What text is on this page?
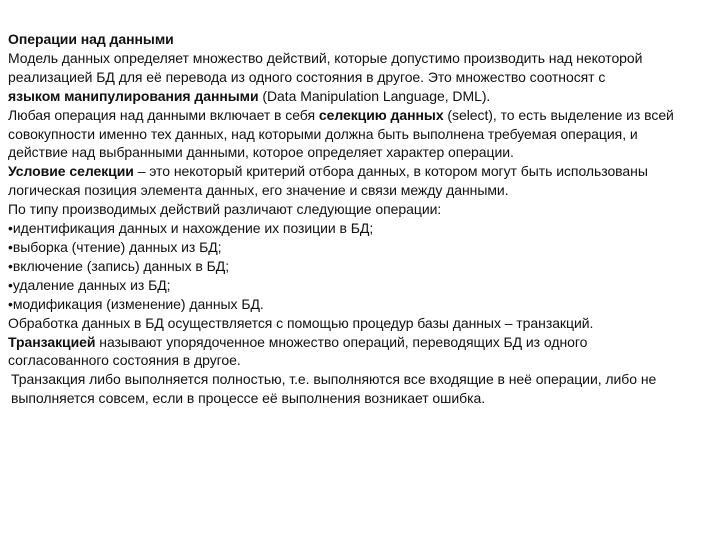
Операции над данными
Модель данных определяет множество действий, которые допустимо производить над некоторой
реализацией БД для её перевода из одного состояния в другое. Это множество соотносят с
языком манипулирования данными (Data Manipulation Language, DML).
Любая операция над данными включает в себя селекцию данных (select), то есть выделение из всей
совокупности именно тех данных, над которыми должна быть выполнена требуемая операция, и
действие над выбранными данными, которое определяет характер операции.
Условие селекции – это некоторый критерий отбора данных, в котором могут быть использованы
логическая позиция элемента данных, его значение и связи между данными.
По типу производимых действий различают следующие операции:
•идентификация данных и нахождение их позиции в БД;
•выборка (чтение) данных из БД;
•включение (запись) данных в БД;
•удаление данных из БД;
•модификация (изменение) данных БД.
Обработка данных в БД осуществляется с помощью процедур базы данных – транзакций.
Транзакцией называют упорядоченное множество операций, переводящих БД из одного
согласованного состояния в другое.
Транзакция либо выполняется полностью, т.е. выполняются все входящие в неё операции, либо не
выполняется совсем, если в процессе её выполнения возникает ошибка.
